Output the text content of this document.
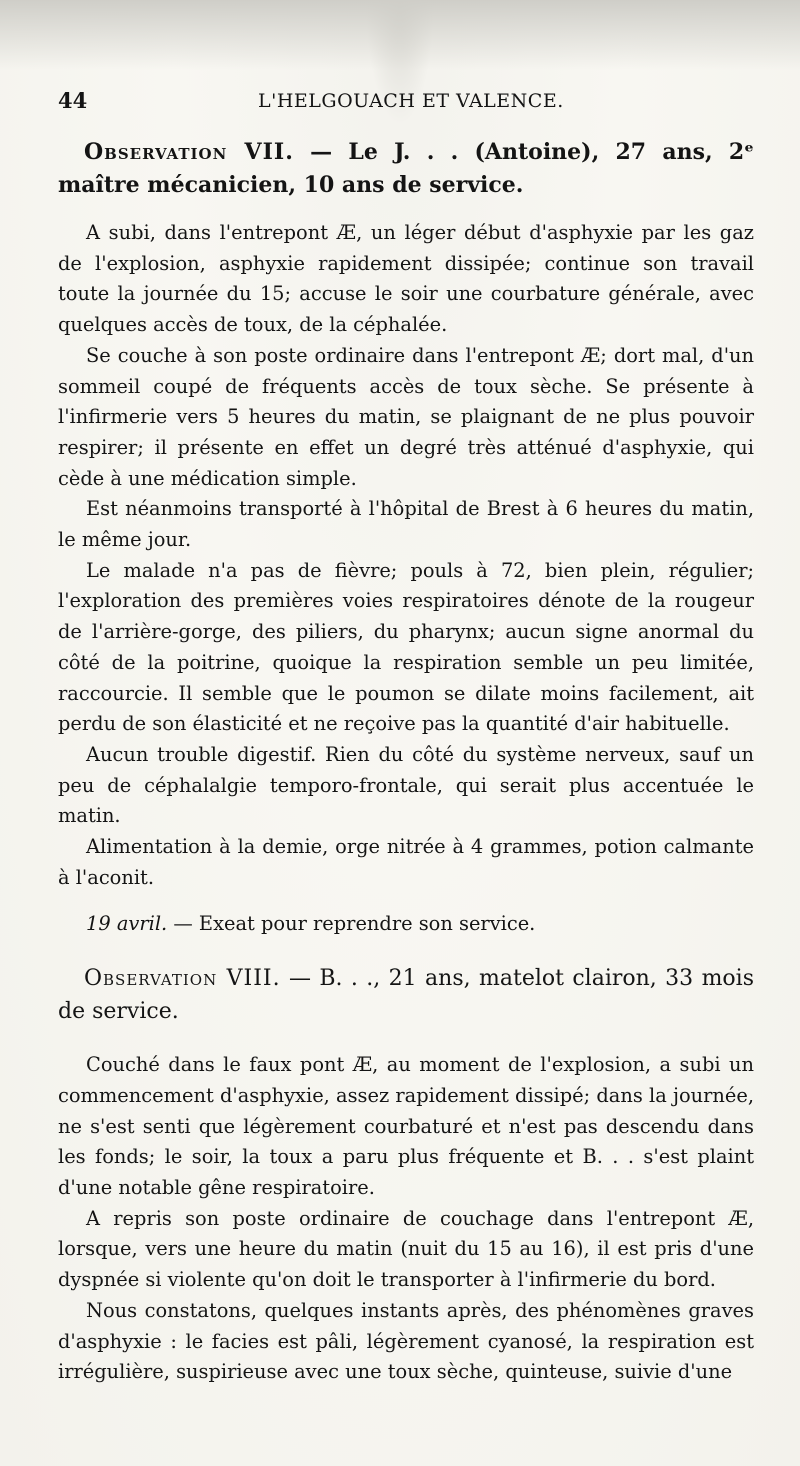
44	L'HELGOUACH ET VALENCE.

Observation VII. — Le J. . . (Antoine), 27 ans, 2ᵉ maître mécanicien, 10 ans de service.

A subi, dans l'entrepont Æ, un léger début d'asphyxie par les gaz de l'explosion, asphyxie rapidement dissipée; continue son travail toute la journée du 15; accuse le soir une courbature générale, avec quelques accès de toux, de la céphalée.

Se couche à son poste ordinaire dans l'entrepont Æ; dort mal, d'un sommeil coupé de fréquents accès de toux sèche. Se présente à l'infirmerie vers 5 heures du matin, se plaignant de ne plus pouvoir respirer; il présente en effet un degré très atténué d'asphyxie, qui cède à une médication simple.

Est néanmoins transporté à l'hôpital de Brest à 6 heures du matin, le même jour.

Le malade n'a pas de fièvre; pouls à 72, bien plein, régulier; l'exploration des premières voies respiratoires dénote de la rougeur de l'arrière-gorge, des piliers, du pharynx; aucun signe anormal du côté de la poitrine, quoique la respiration semble un peu limitée, raccourcie. Il semble que le poumon se dilate moins facilement, ait perdu de son élasticité et ne reçoive pas la quantité d'air habituelle.

Aucun trouble digestif. Rien du côté du système nerveux, sauf un peu de céphalalgie temporo-frontale, qui serait plus accentuée le matin.

Alimentation à la demie, orge nitrée à 4 grammes, potion calmante à l'aconit.

19 avril. — Exeat pour reprendre son service.

Observation VIII. — B. . ., 21 ans, matelot clairon, 33 mois de service.

Couché dans le faux pont Æ, au moment de l'explosion, a subi un commencement d'asphyxie, assez rapidement dissipé; dans la journée, ne s'est senti que légèrement courbaturé et n'est pas descendu dans les fonds; le soir, la toux a paru plus fréquente et B. . . s'est plaint d'une notable gêne respiratoire.

A repris son poste ordinaire de couchage dans l'entrepont Æ, lorsque, vers une heure du matin (nuit du 15 au 16), il est pris d'une dyspnée si violente qu'on doit le transporter à l'infirmerie du bord.

Nous constatons, quelques instants après, des phénomènes graves d'asphyxie : le facies est pâli, légèrement cyanosé, la respiration est irrégulière, suspirieuse avec une toux sèche, quinteuse, suivie d'une
